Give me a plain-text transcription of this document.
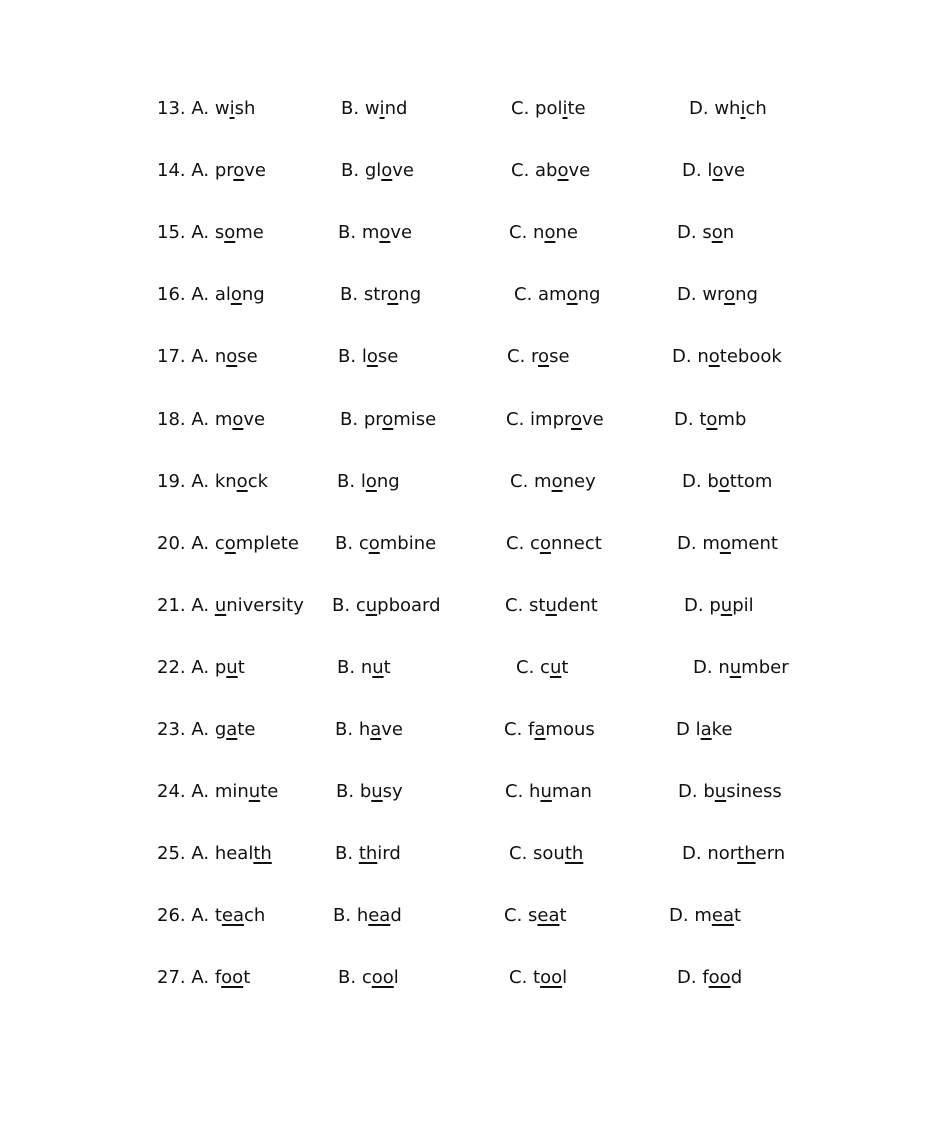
13. A. wish	B. wind	C. polite	D. which
14. A. prove	B. glove	C. above	D. love
15. A. some	B. move	C. none	D. son
16. A. along	B. strong	C. among	D. wrong
17. A. nose	B. lose	C. rose	D. notebook
18. A. move	B. promise	C. improve	D. tomb
19. A. knock	B. long	C. money	D. bottom
20. A. complete B. combine	C. connect	D. moment
21. A. university B. cupboard	C. student	D. pupil
22. A. put	B. nut	C. cut	D. number
23. A. gate	B. have	C. famous	D lake
24. A. minute	B. busy	C. human	D. business
25. A. health	B. third	C. south	D. northern
26. A. teach	B. head	C. seat	D. meat
27. A. foot	B. cool	C. tool	D. food
